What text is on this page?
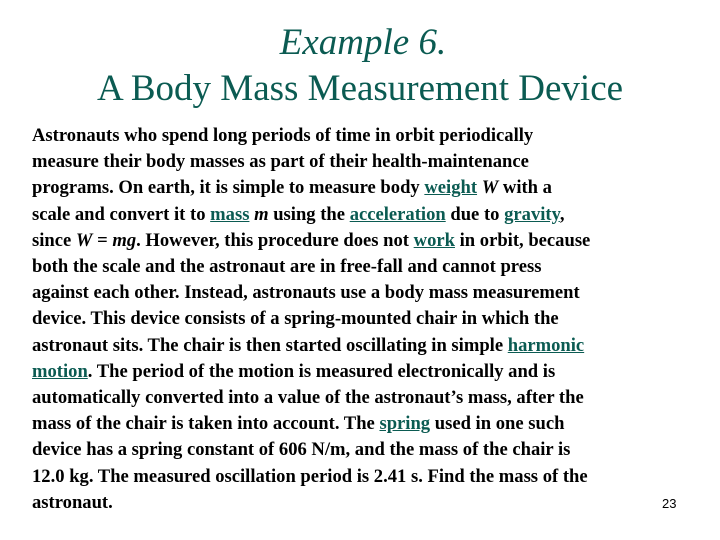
Example 6.
A Body Mass Measurement Device
Astronauts who spend long periods of time in orbit periodically
measure their body masses as part of their health-maintenance
programs. On earth, it is simple to measure body weight W with a
scale and convert it to mass m using the acceleration due to gravity,
since W = mg. However, this procedure does not work in orbit, because
both the scale and the astronaut are in free-fall and cannot press
against each other. Instead, astronauts use a body mass measurement
device. This device consists of a spring-mounted chair in which the
astronaut sits. The chair is then started oscillating in simple harmonic
motion. The period of the motion is measured electronically and is
automatically converted into a value of the astronaut’s mass, after the
mass of the chair is taken into account. The spring used in one such
device has a spring constant of 606 N/m, and the mass of the chair is
12.0 kg. The measured oscillation period is 2.41 s. Find the mass of the
astronaut.	23
